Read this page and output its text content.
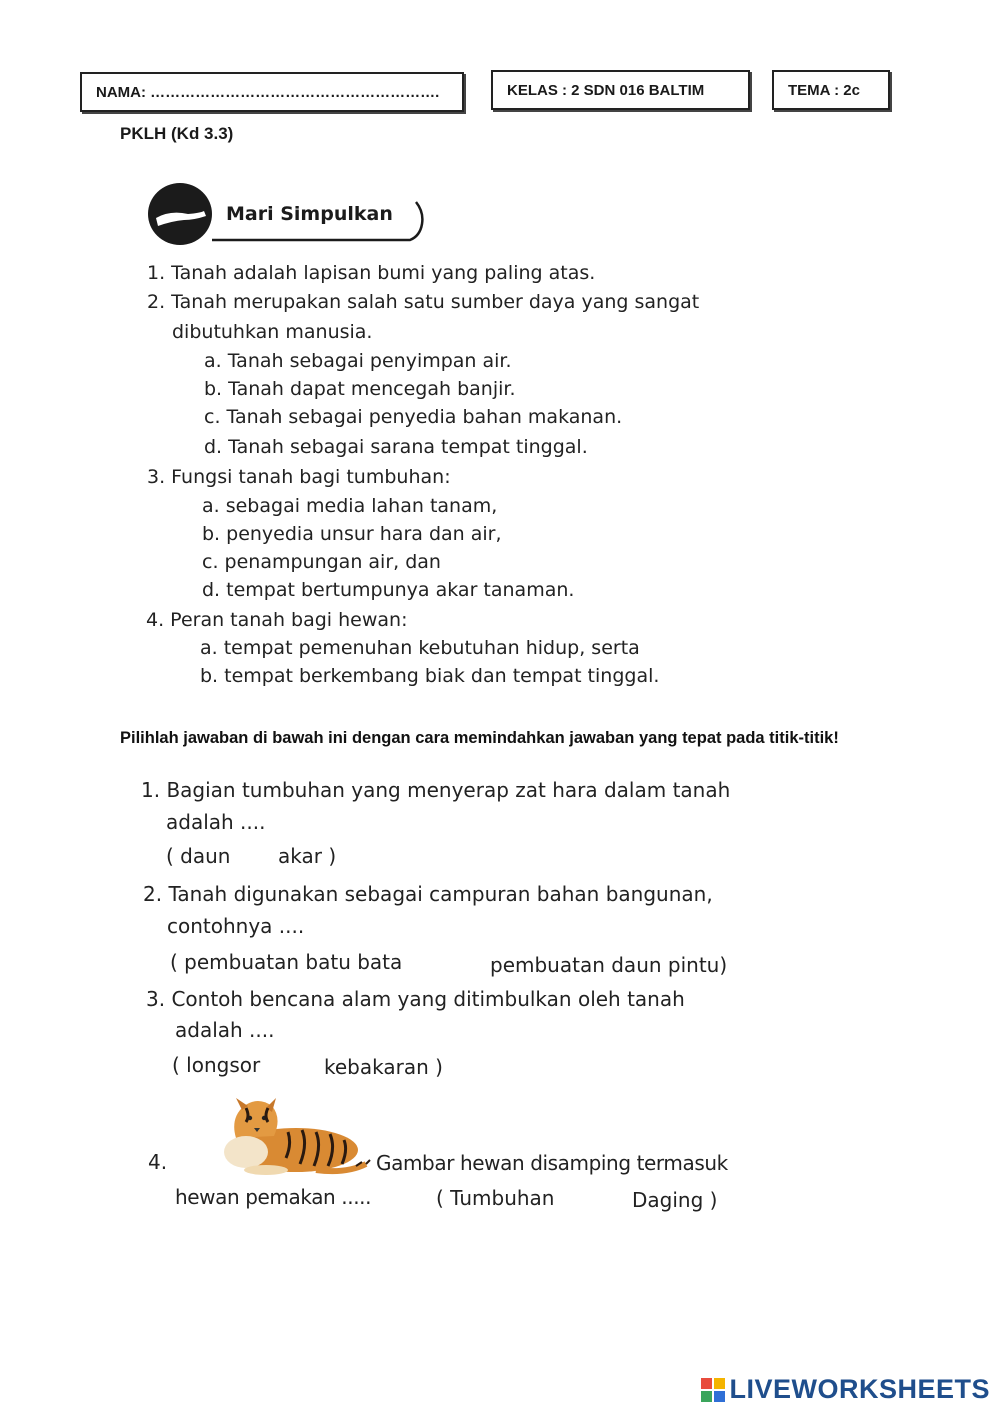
NAMA: ………………………………………………….	KELAS : 2 SDN 016 BALTIM	TEMA : 2c
PKLH (Kd 3.3)
Mari Simpulkan
1. Tanah adalah lapisan bumi yang paling atas.
2. Tanah merupakan salah satu sumber daya yang sangat
dibutuhkan manusia.
a. Tanah sebagai penyimpan air.
b. Tanah dapat mencegah banjir.
c. Tanah sebagai penyedia bahan makanan.
d. Tanah sebagai sarana tempat tinggal.
3. Fungsi tanah bagi tumbuhan:
a. sebagai media lahan tanam,
b. penyedia unsur hara dan air,
c. penampungan air, dan
d. tempat bertumpunya akar tanaman.
4. Peran tanah bagi hewan:
a. tempat pemenuhan kebutuhan hidup, serta
b. tempat berkembang biak dan tempat tinggal.
Pilihlah jawaban di bawah ini dengan cara memindahkan jawaban yang tepat pada titik-titik!
1. Bagian tumbuhan yang menyerap zat hara dalam tanah
adalah ....
( daun akar )
2. Tanah digunakan sebagai campuran bahan bangunan,
contohnya ....
( pembuatan batu bata	pembuatan daun pintu)
3. Contoh bencana alam yang ditimbulkan oleh tanah
adalah ....
( longsor	kebakaran )
4.	Gambar hewan disamping termasuk
hewan pemakan .....	( Tumbuhan	Daging )
LIVEWORKSHEETS
